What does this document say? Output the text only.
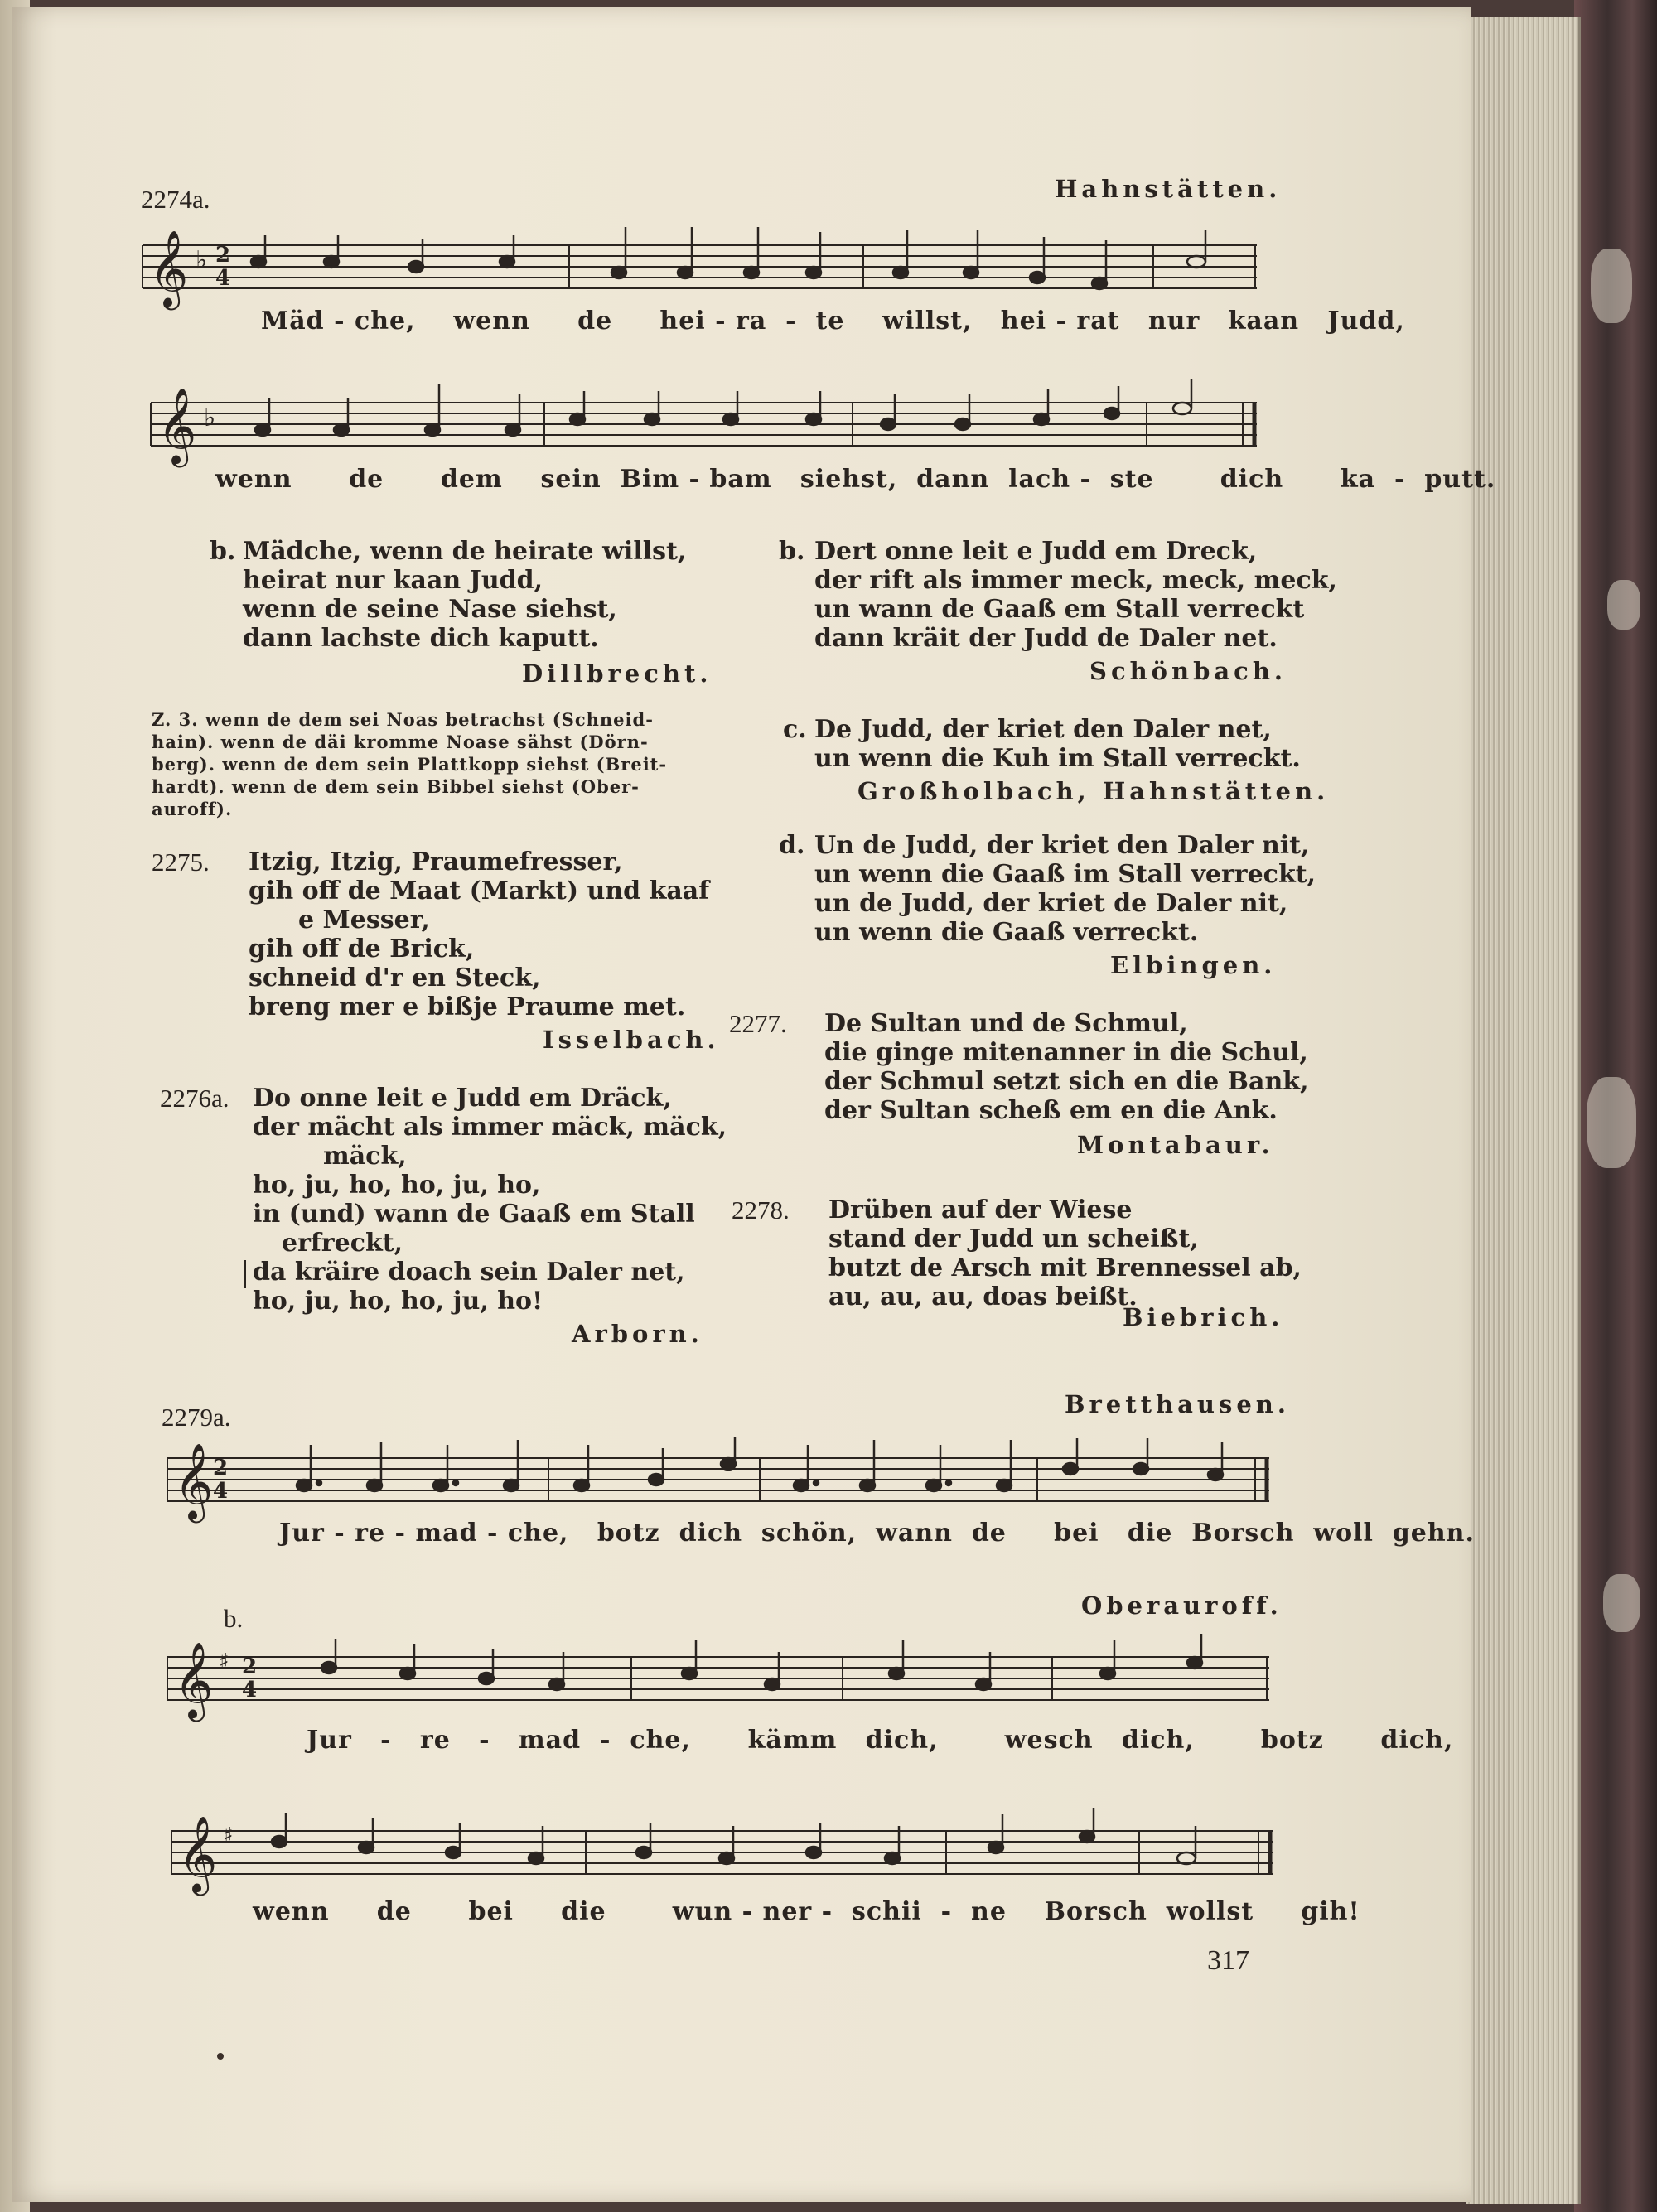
2274a.	Hahnstätten.
𝄞 ♭ 2
4
Mäd - che,    wenn     de     hei - ra  -  te    willst,   hei - rat   nur   kaan   Judd,
𝄞 ♭
wenn      de      dem    sein  Bim - bam   siehst,  dann  lach -  ste       dich      ka  -  putt.
b. Mädche, wenn de heirate willst,
heirat nur kaan Judd,
wenn de seine Nase siehst,
dann lachste dich kaputt.
Dillbrecht.
Z. 3. wenn de dem sei Noas betrachst (Schneid-
hain). wenn de däi kromme Noase sähst (Dörn-
berg). wenn de dem sein Plattkopp siehst (Breit-
hardt). wenn de dem sein Bibbel siehst (Ober-
auroff).
2275. Itzig, Itzig, Praumefresser,
gih off de Maat (Markt) und kaaf
e Messer,
gih off de Brick,
schneid d'r en Steck,
breng mer e bißje Praume met.
Isselbach.
2276a. Do onne leit e Judd em Dräck,
der mächt als immer mäck, mäck,
mäck,
ho, ju, ho, ho, ju, ho,
in (und) wann de Gaaß em Stall
erfreckt,
da kräire doach sein Daler net,
ho, ju, ho, ho, ju, ho!
Arborn.
b. Dert onne leit e Judd em Dreck,
der rift als immer meck, meck, meck,
un wann de Gaaß em Stall verreckt
dann kräit der Judd de Daler net.
Schönbach.
c. De Judd, der kriet den Daler net,
un wenn die Kuh im Stall verreckt.
Großholbach, Hahnstätten.
d. Un de Judd, der kriet den Daler nit,
un wenn die Gaaß im Stall verreckt,
un de Judd, der kriet de Daler nit,
un wenn die Gaaß verreckt.
Elbingen.
2277. De Sultan und de Schmul,
die ginge mitenanner in die Schul,
der Schmul setzt sich en die Bank,
der Sultan scheß em en die Ank.
Montabaur.
2278. Drüben auf der Wiese
stand der Judd un scheißt,
butzt de Arsch mit Brennessel ab,
au, au, au, doas beißt.
Biebrich.
2279a.	Bretthausen.
𝄞 2
4
Jur - re - mad - che,   botz  dich  schön,  wann  de     bei   die  Borsch  woll  gehn.
b.	Oberauroff.
𝄞 ♯ 2
4
Jur   -   re   -   mad  -  che,      kämm   dich,       wesch   dich,       botz      dich,
𝄞 ♯
wenn     de      bei     die       wun - ner -  schii  -  ne    Borsch  wollst     gih!
317
